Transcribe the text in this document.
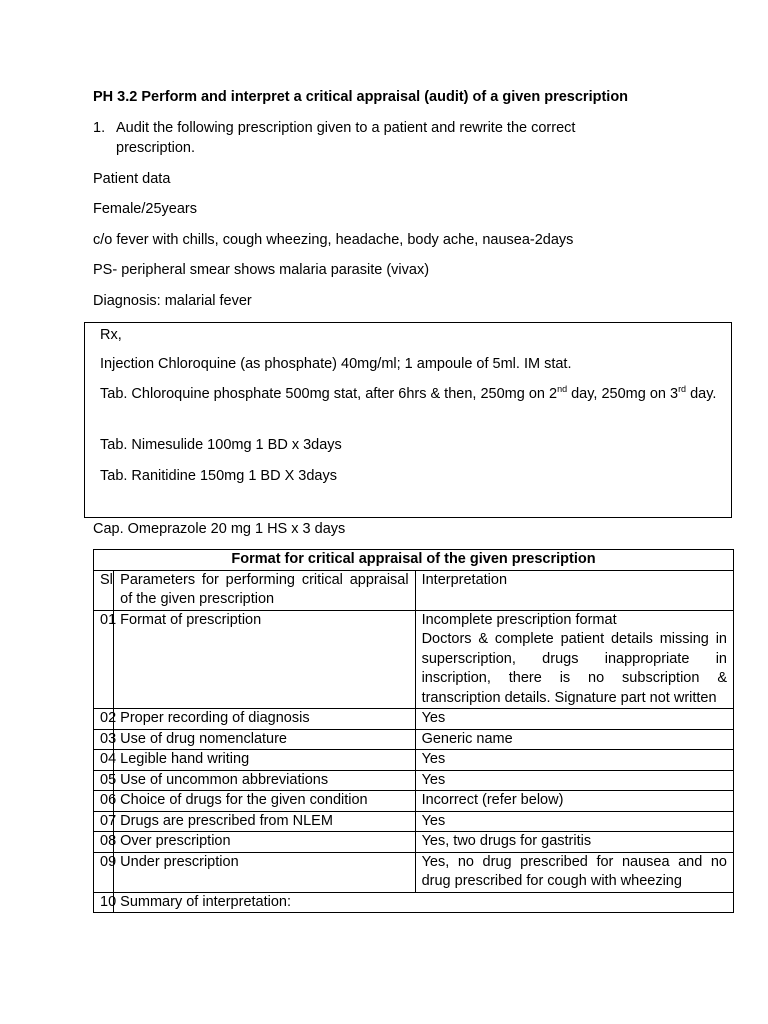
PH 3.2 Perform and interpret a critical appraisal (audit) of a given prescription
1. Audit the following prescription given to a patient and rewrite the correct prescription.
Patient data
Female/25years
c/o fever with chills, cough wheezing, headache, body ache, nausea-2days
PS- peripheral smear shows malaria parasite (vivax)
Diagnosis: malarial fever
Rx,
Injection Chloroquine (as phosphate) 40mg/ml; 1 ampoule of 5ml. IM stat.
Tab. Chloroquine phosphate 500mg stat, after 6hrs & then, 250mg on 2nd day, 250mg on 3rd day.
Tab. Nimesulide 100mg 1 BD x 3days
Tab. Ranitidine 150mg 1 BD X 3days
Cap. Omeprazole 20 mg 1 HS x 3 days
Format for critical appraisal of the given prescription		
Sl	Parameters for performing critical appraisal of the given prescription	Interpretation
01	Format of prescription	Incomplete prescription format
Doctors & complete patient details missing in superscription, drugs inappropriate in inscription, there is no subscription & transcription details. Signature part not written

02	Proper recording of diagnosis	Yes
03	Use of drug nomenclature	Generic name
04	Legible hand writing	Yes
05	Use of uncommon abbreviations	Yes
06	Choice of drugs for the given condition	Incorrect (refer below)
07	Drugs are prescribed from NLEM	Yes
08	Over prescription	Yes, two drugs for gastritis
09	Under prescription	Yes, no drug prescribed for nausea and no drug prescribed for cough with wheezing
10	Summary of interpretation:	
